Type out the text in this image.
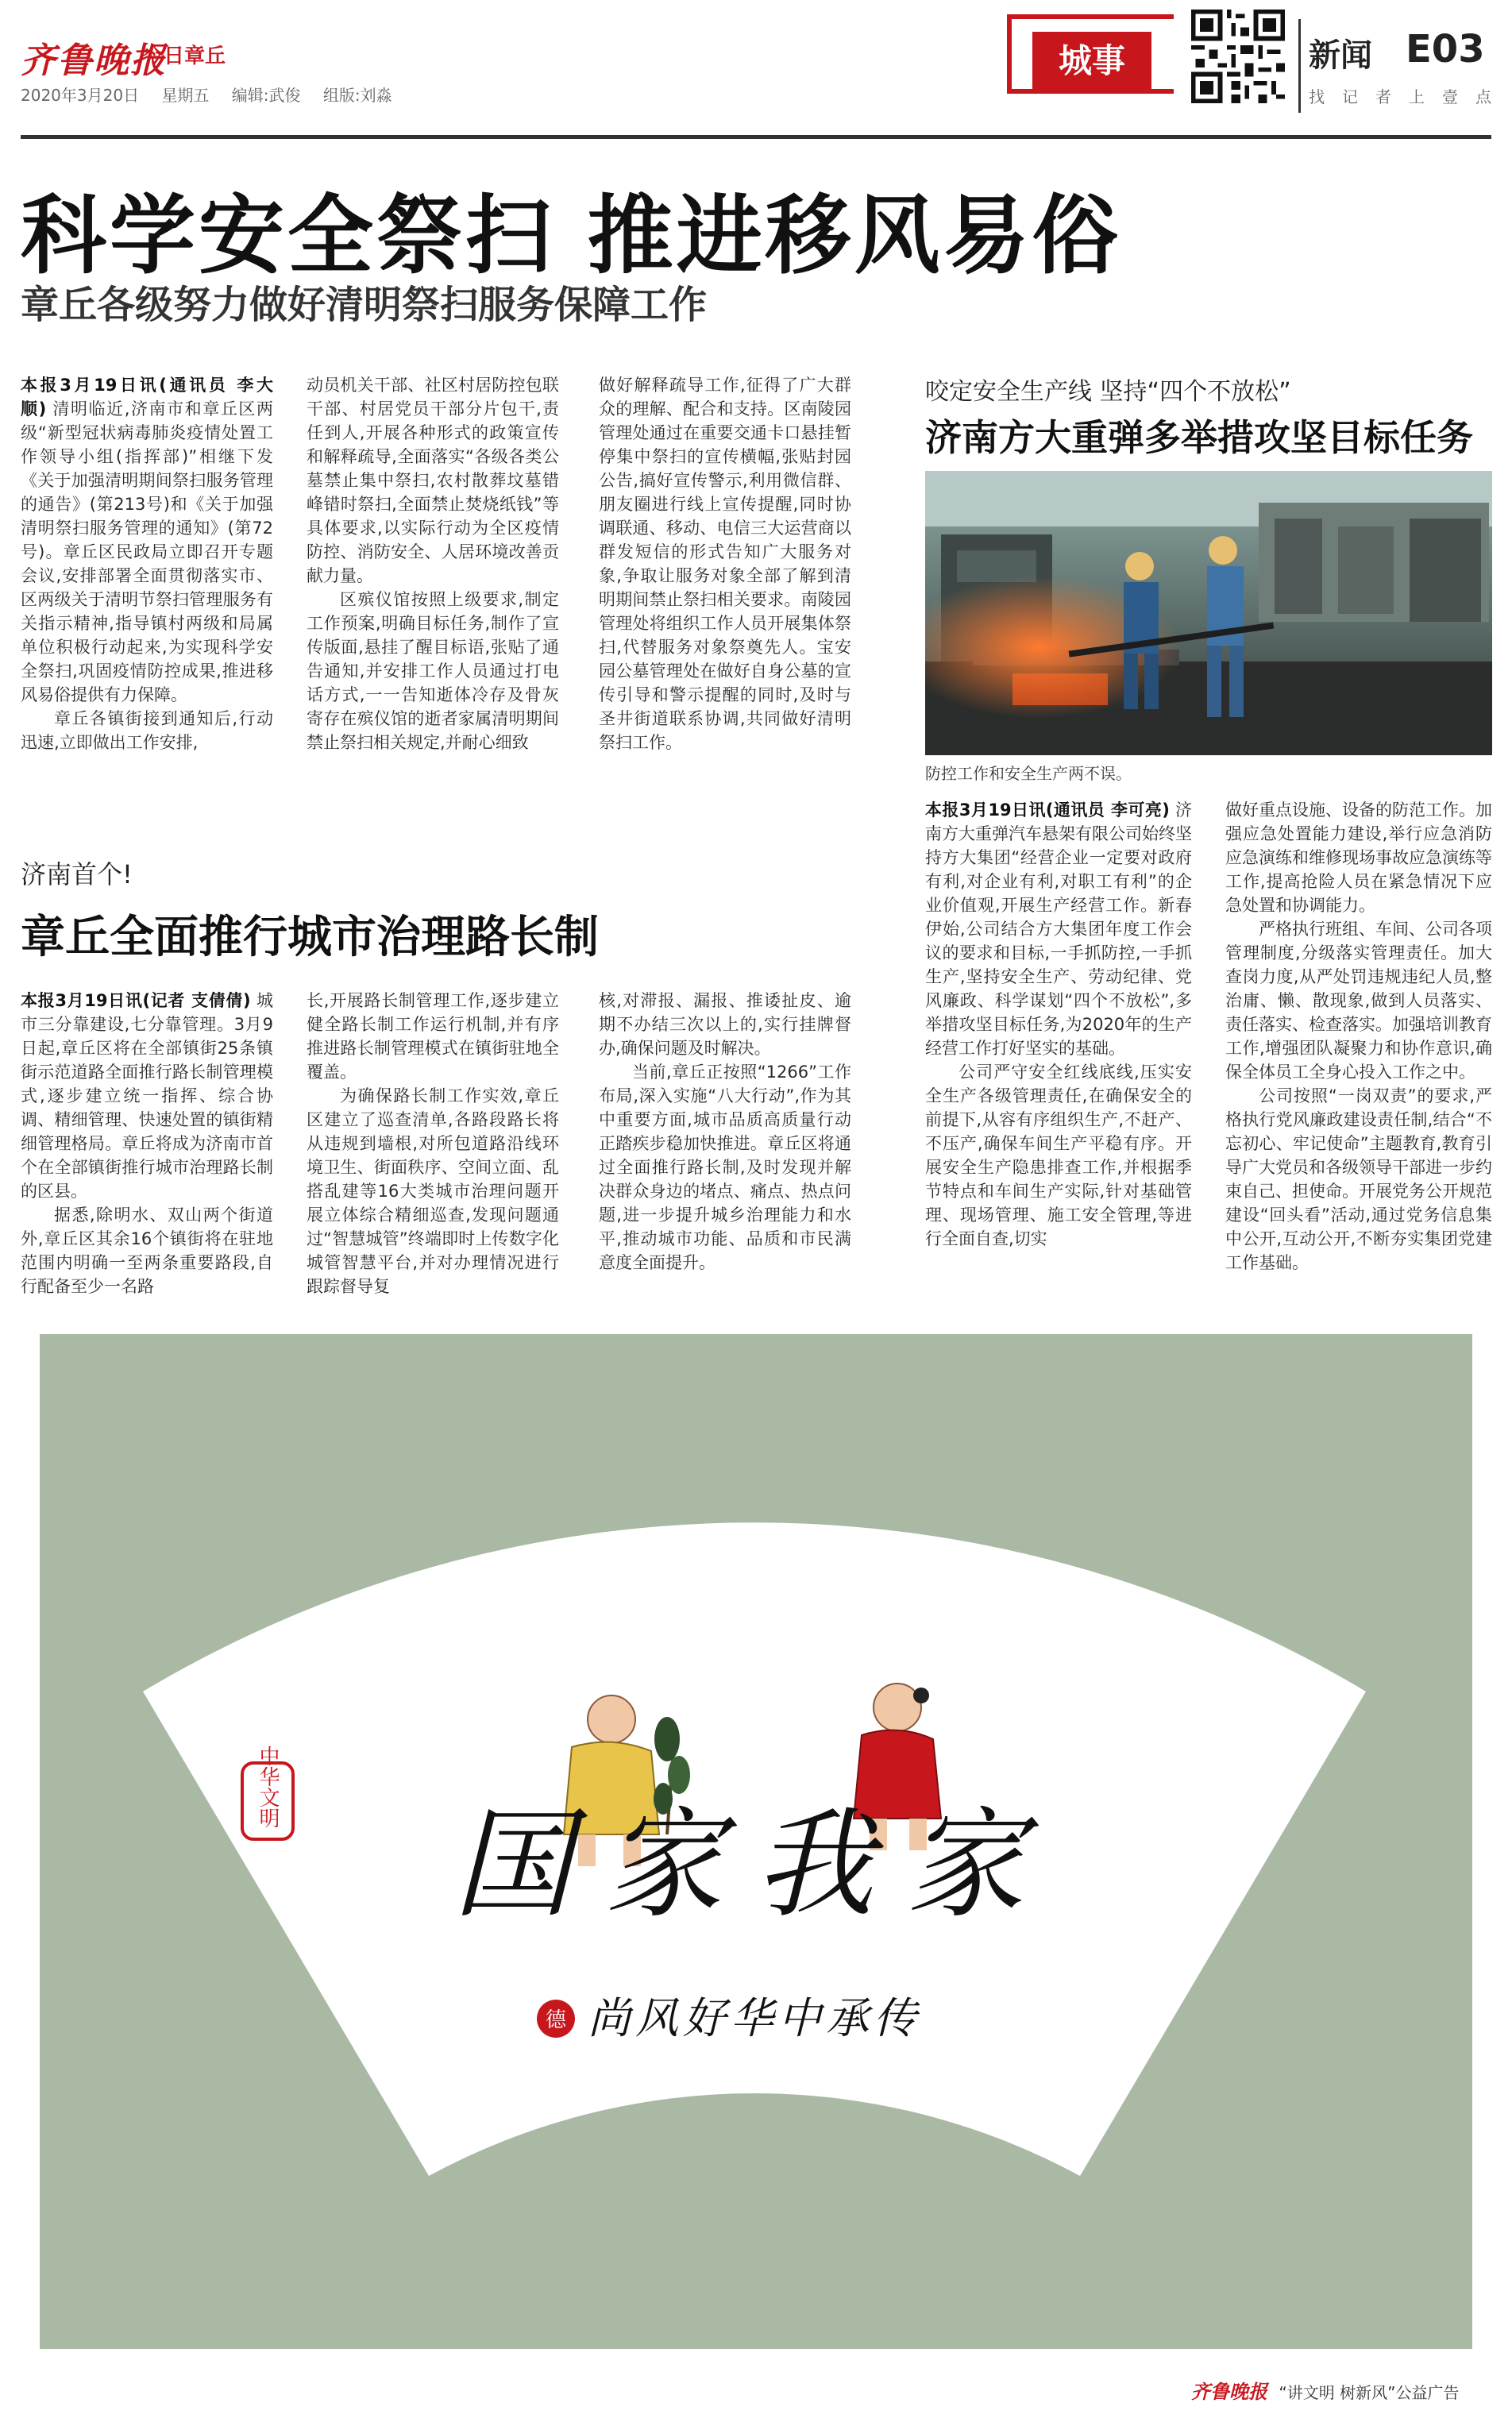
齐鲁晚报
今日章丘
2020年3月20日 星期五 编辑:武俊 组版:刘淼
城事	新闻 E03
找 记 者 上 壹 点
科学安全祭扫 推进移风易俗
章丘各级努力做好清明祭扫服务保障工作

本报3月19日讯(通讯员 李大顺) 清明临近,济南市和章丘区两级“新型冠状病毒肺炎疫情处置工作领导小组(指挥部)”相继下发《关于加强清明期间祭扫服务管理的通告》(第213号)和《关于加强清明祭扫服务管理的通知》(第72号)。章丘区民政局立即召开专题会议,安排部署全面贯彻落实市、区两级关于清明节祭扫管理服务有关指示精神,指导镇村两级和局属单位积极行动起来,为实现科学安全祭扫,巩固疫情防控成果,推进移风易俗提供有力保障。

章丘各镇街接到通知后,行动迅速,立即做出工作安排,

动员机关干部、社区村居防控包联干部、村居党员干部分片包干,责任到人,开展各种形式的政策宣传和解释疏导,全面落实“各级各类公墓禁止集中祭扫,农村散葬坟墓错峰错时祭扫,全面禁止焚烧纸钱”等具体要求,以实际行动为全区疫情防控、消防安全、人居环境改善贡献力量。

区殡仪馆按照上级要求,制定工作预案,明确目标任务,制作了宣传版面,悬挂了醒目标语,张贴了通告通知,并安排工作人员通过打电话方式,一一告知逝体冷存及骨灰寄存在殡仪馆的逝者家属清明期间禁止祭扫相关规定,并耐心细致

做好解释疏导工作,征得了广大群众的理解、配合和支持。区南陵园管理处通过在重要交通卡口悬挂暂停集中祭扫的宣传横幅,张贴封园公告,搞好宣传警示,利用微信群、朋友圈进行线上宣传提醒,同时协调联通、移动、电信三大运营商以群发短信的形式告知广大服务对象,争取让服务对象全部了解到清明期间禁止祭扫相关要求。南陵园管理处将组织工作人员开展集体祭扫,代替服务对象祭奠先人。宝安园公墓管理处在做好自身公墓的宣传引导和警示提醒的同时,及时与圣井街道联系协调,共同做好清明祭扫工作。

济南首个!
章丘全面推行城市治理路长制

本报3月19日讯(记者 支倩倩) 城市三分靠建设,七分靠管理。3月9日起,章丘区将在全部镇街25条镇街示范道路全面推行路长制管理模式,逐步建立统一指挥、综合协调、精细管理、快速处置的镇街精细管理格局。章丘将成为济南市首个在全部镇街推行城市治理路长制的区县。

据悉,除明水、双山两个街道外,章丘区其余16个镇街将在驻地范围内明确一至两条重要路段,自行配备至少一名路

长,开展路长制管理工作,逐步建立健全路长制工作运行机制,并有序推进路长制管理模式在镇街驻地全覆盖。

为确保路长制工作实效,章丘区建立了巡查清单,各路段路长将从违规到墙根,对所包道路沿线环境卫生、街面秩序、空间立面、乱搭乱建等16大类城市治理问题开展立体综合精细巡查,发现问题通过“智慧城管”终端即时上传数字化城管智慧平台,并对办理情况进行跟踪督导复

核,对滞报、漏报、推诿扯皮、逾期不办结三次以上的,实行挂牌督办,确保问题及时解决。

当前,章丘正按照“1266”工作布局,深入实施“八大行动”,作为其中重要方面,城市品质高质量行动正踏疾步稳加快推进。章丘区将通过全面推行路长制,及时发现并解决群众身边的堵点、痛点、热点问题,进一步提升城乡治理能力和水平,推动城市功能、品质和市民满意度全面提升。

咬定安全生产线 坚持“四个不放松”
济南方大重弹多举措攻坚目标任务
防控工作和安全生产两不误。

本报3月19日讯(通讯员 李可亮) 济南方大重弹汽车悬架有限公司始终坚持方大集团“经营企业一定要对政府有利,对企业有利,对职工有利”的企业价值观,开展生产经营工作。新春伊始,公司结合方大集团年度工作会议的要求和目标,一手抓防控,一手抓生产,坚持安全生产、劳动纪律、党风廉政、科学谋划“四个不放松”,多举措攻坚目标任务,为2020年的生产经营工作打好坚实的基础。

公司严守安全红线底线,压实安全生产各级管理责任,在确保安全的前提下,从容有序组织生产,不赶产、不压产,确保车间生产平稳有序。开展安全生产隐患排查工作,并根据季节特点和车间生产实际,针对基础管理、现场管理、施工安全管理,等进行全面自查,切实

做好重点设施、设备的防范工作。加强应急处置能力建设,举行应急消防应急演练和维修现场事故应急演练等工作,提高抢险人员在紧急情况下应急处置和协调能力。

严格执行班组、车间、公司各项管理制度,分级落实管理责任。加大查岗力度,从严处罚违规违纪人员,整治庸、懒、散现象,做到人员落实、责任落实、检查落实。加强培训教育工作,增强团队凝聚力和协作意识,确保全体员工全身心投入工作之中。

公司按照“一岗双责”的要求,严格执行党风廉政建设责任制,结合“不忘初心、牢记使命”主题教育,教育引导广大党员和各级领导干部进一步约束自己、担使命。开展党务公开规范建设“回头看”活动,通过党务信息集中公开,互动公开,不断夯实集团党建工作基础。

中华文明
国家我家
德 尚风好华中承传
齐鲁晚报 “讲文明 树新风”公益广告
